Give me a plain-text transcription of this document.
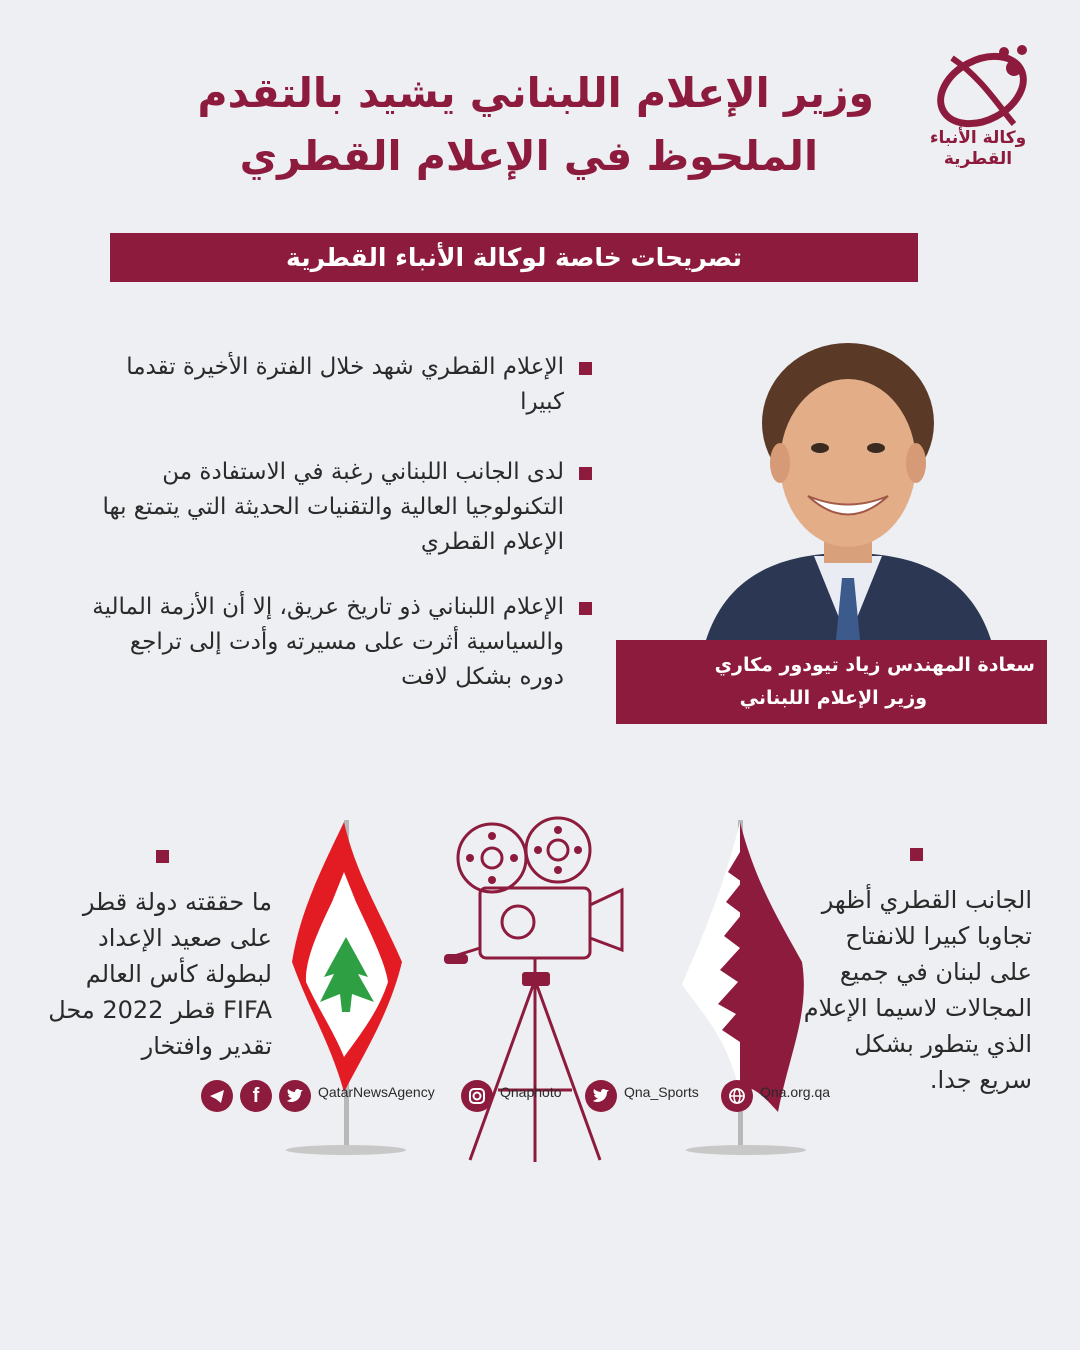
وكالة الأنباء القطرية
وزير الإعلام اللبناني يشيد بالتقدم
الملحوظ في الإعلام القطري
تصريحات خاصة لوكالة الأنباء القطرية
الإعلام القطري شهد خلال الفترة الأخيرة تقدما كبيرا
لدى الجانب اللبناني رغبة في الاستفادة من التكنولوجيا العالية والتقنيات الحديثة التي يتمتع بها الإعلام القطري
الإعلام اللبناني ذو تاريخ عريق، إلا أن الأزمة المالية والسياسية أثرت على مسيرته وأدت إلى تراجع دوره بشكل لافت	سعادة المهندس زياد تيودور مكاري
وزير الإعلام اللبناني
ما حققته دولة قطر على صعيد الإعداد لبطولة كأس العالم FIFA قطر 2022 محل تقدير وافتخار
الجانب القطري أظهر تجاوبا كبيرا للانفتاح على لبنان في جميع المجالات لاسيما الإعلام الذي يتطور بشكل سريع جدا.
f	QatarNewsAgency	Qnaphoto	Qna_Sports	Qna.org.qa
